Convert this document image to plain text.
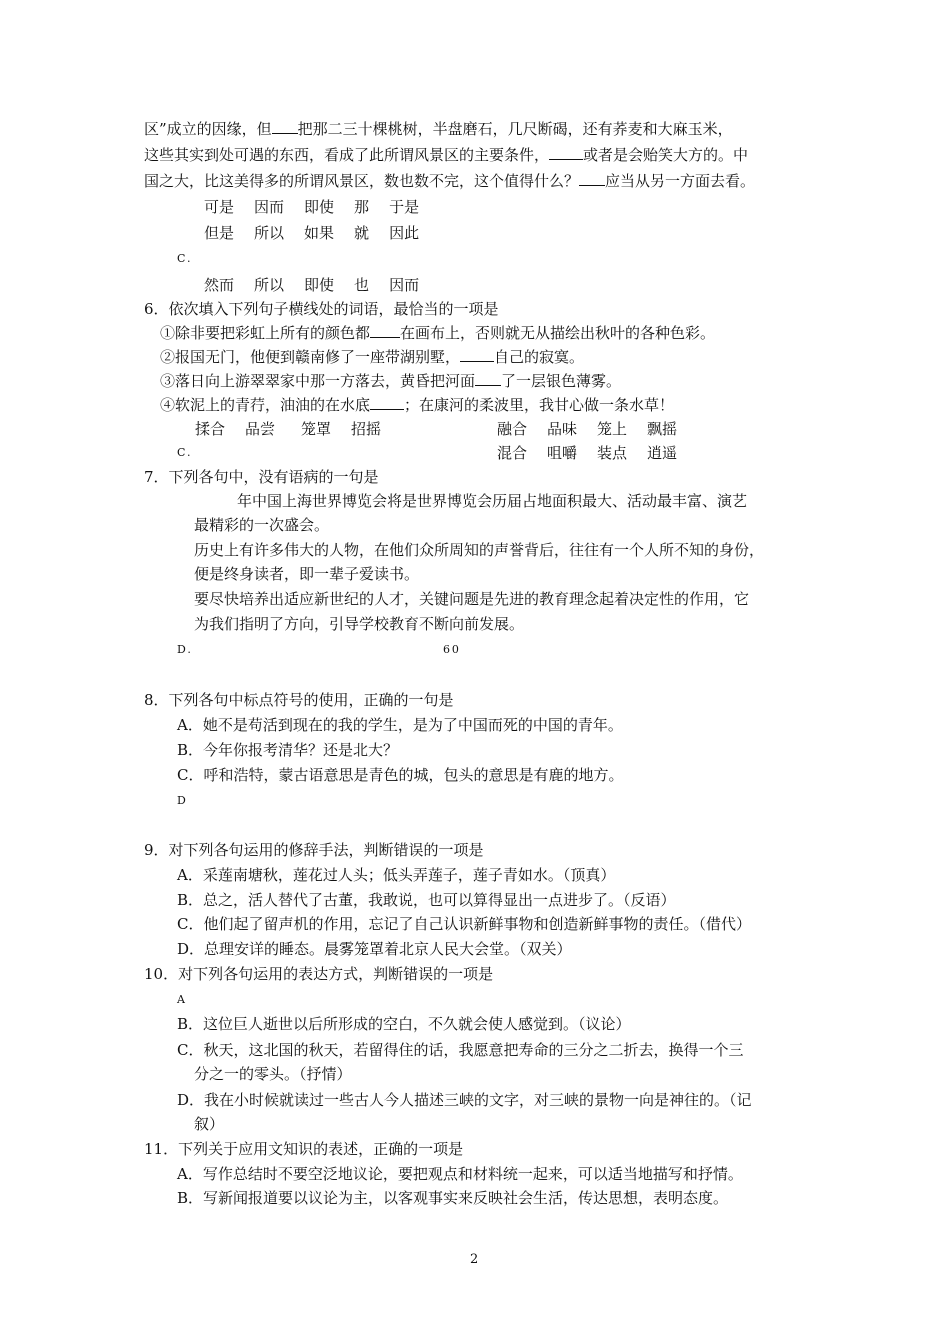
区”成立的因缘，但 把那二三十棵桃树，半盘磨石，几尺断碣，还有荞麦和大麻玉米，
这些其实到处可遇的东西，看成了此所谓风景区的主要条件， 或者是会贻笑大方的。中
国之大，比这美得多的所谓风景区，数也数不完，这个值得什么？ 应当从另一方面去看。
可是 因而 即使 那 于是
但是 所以 如果 就 因此
C.
然而 所以 即使 也 因而
6．依次填入下列句子横线处的词语，最恰当的一项是
①除非要把彩虹上所有的颜色都 在画布上，否则就无从描绘出秋叶的各种色彩。
②报国无门，他便到赣南修了一座带湖别墅， 自己的寂寞。
③落日向上游翠翠家中那一方落去，黄昏把河面 了一层银色薄雾。
④软泥上的青荇，油油的在水底 ；在康河的柔波里，我甘心做一条水草！
揉合 品尝 笼罩 招摇	融合 品味 笼上 飘摇
C.	混合 咀嚼 装点 逍遥
7．下列各句中，没有语病的一句是
年中国上海世界博览会将是世界博览会历届占地面积最大、活动最丰富、演艺
最精彩的一次盛会。
历史上有许多伟大的人物，在他们众所周知的声誉背后，往往有一个人所不知的身份，
便是终身读者，即一辈子爱读书。
要尽快培养出适应新世纪的人才，关键问题是先进的教育理念起着决定性的作用，它
为我们指明了方向，引导学校教育不断向前发展。
D.	60
8．下列各句中标点符号的使用，正确的一句是
A．她不是苟活到现在的我的学生，是为了中国而死的中国的青年。
B．今年你报考清华？还是北大？
C．呼和浩特，蒙古语意思是青色的城，包头的意思是有鹿的地方。
D
9．对下列各句运用的修辞手法，判断错误的一项是
A．采莲南塘秋，莲花过人头；低头弄莲子，莲子青如水。（顶真）
B．总之，活人替代了古董，我敢说，也可以算得显出一点进步了。（反语）
C．他们起了留声机的作用，忘记了自己认识新鲜事物和创造新鲜事物的责任。（借代）
D．总理安详的睡态。晨雾笼罩着北京人民大会堂。（双关）
10．对下列各句运用的表达方式，判断错误的一项是
A
B．这位巨人逝世以后所形成的空白，不久就会使人感觉到。（议论）
C．秋天，这北国的秋天，若留得住的话，我愿意把寿命的三分之二折去，换得一个三
分之一的零头。（抒情）
D．我在小时候就读过一些古人今人描述三峡的文字，对三峡的景物一向是神往的。（记
叙）
11．下列关于应用文知识的表述，正确的一项是
A．写作总结时不要空泛地议论，要把观点和材料统一起来，可以适当地描写和抒情。
B．写新闻报道要以议论为主，以客观事实来反映社会生活，传达思想，表明态度。
2
